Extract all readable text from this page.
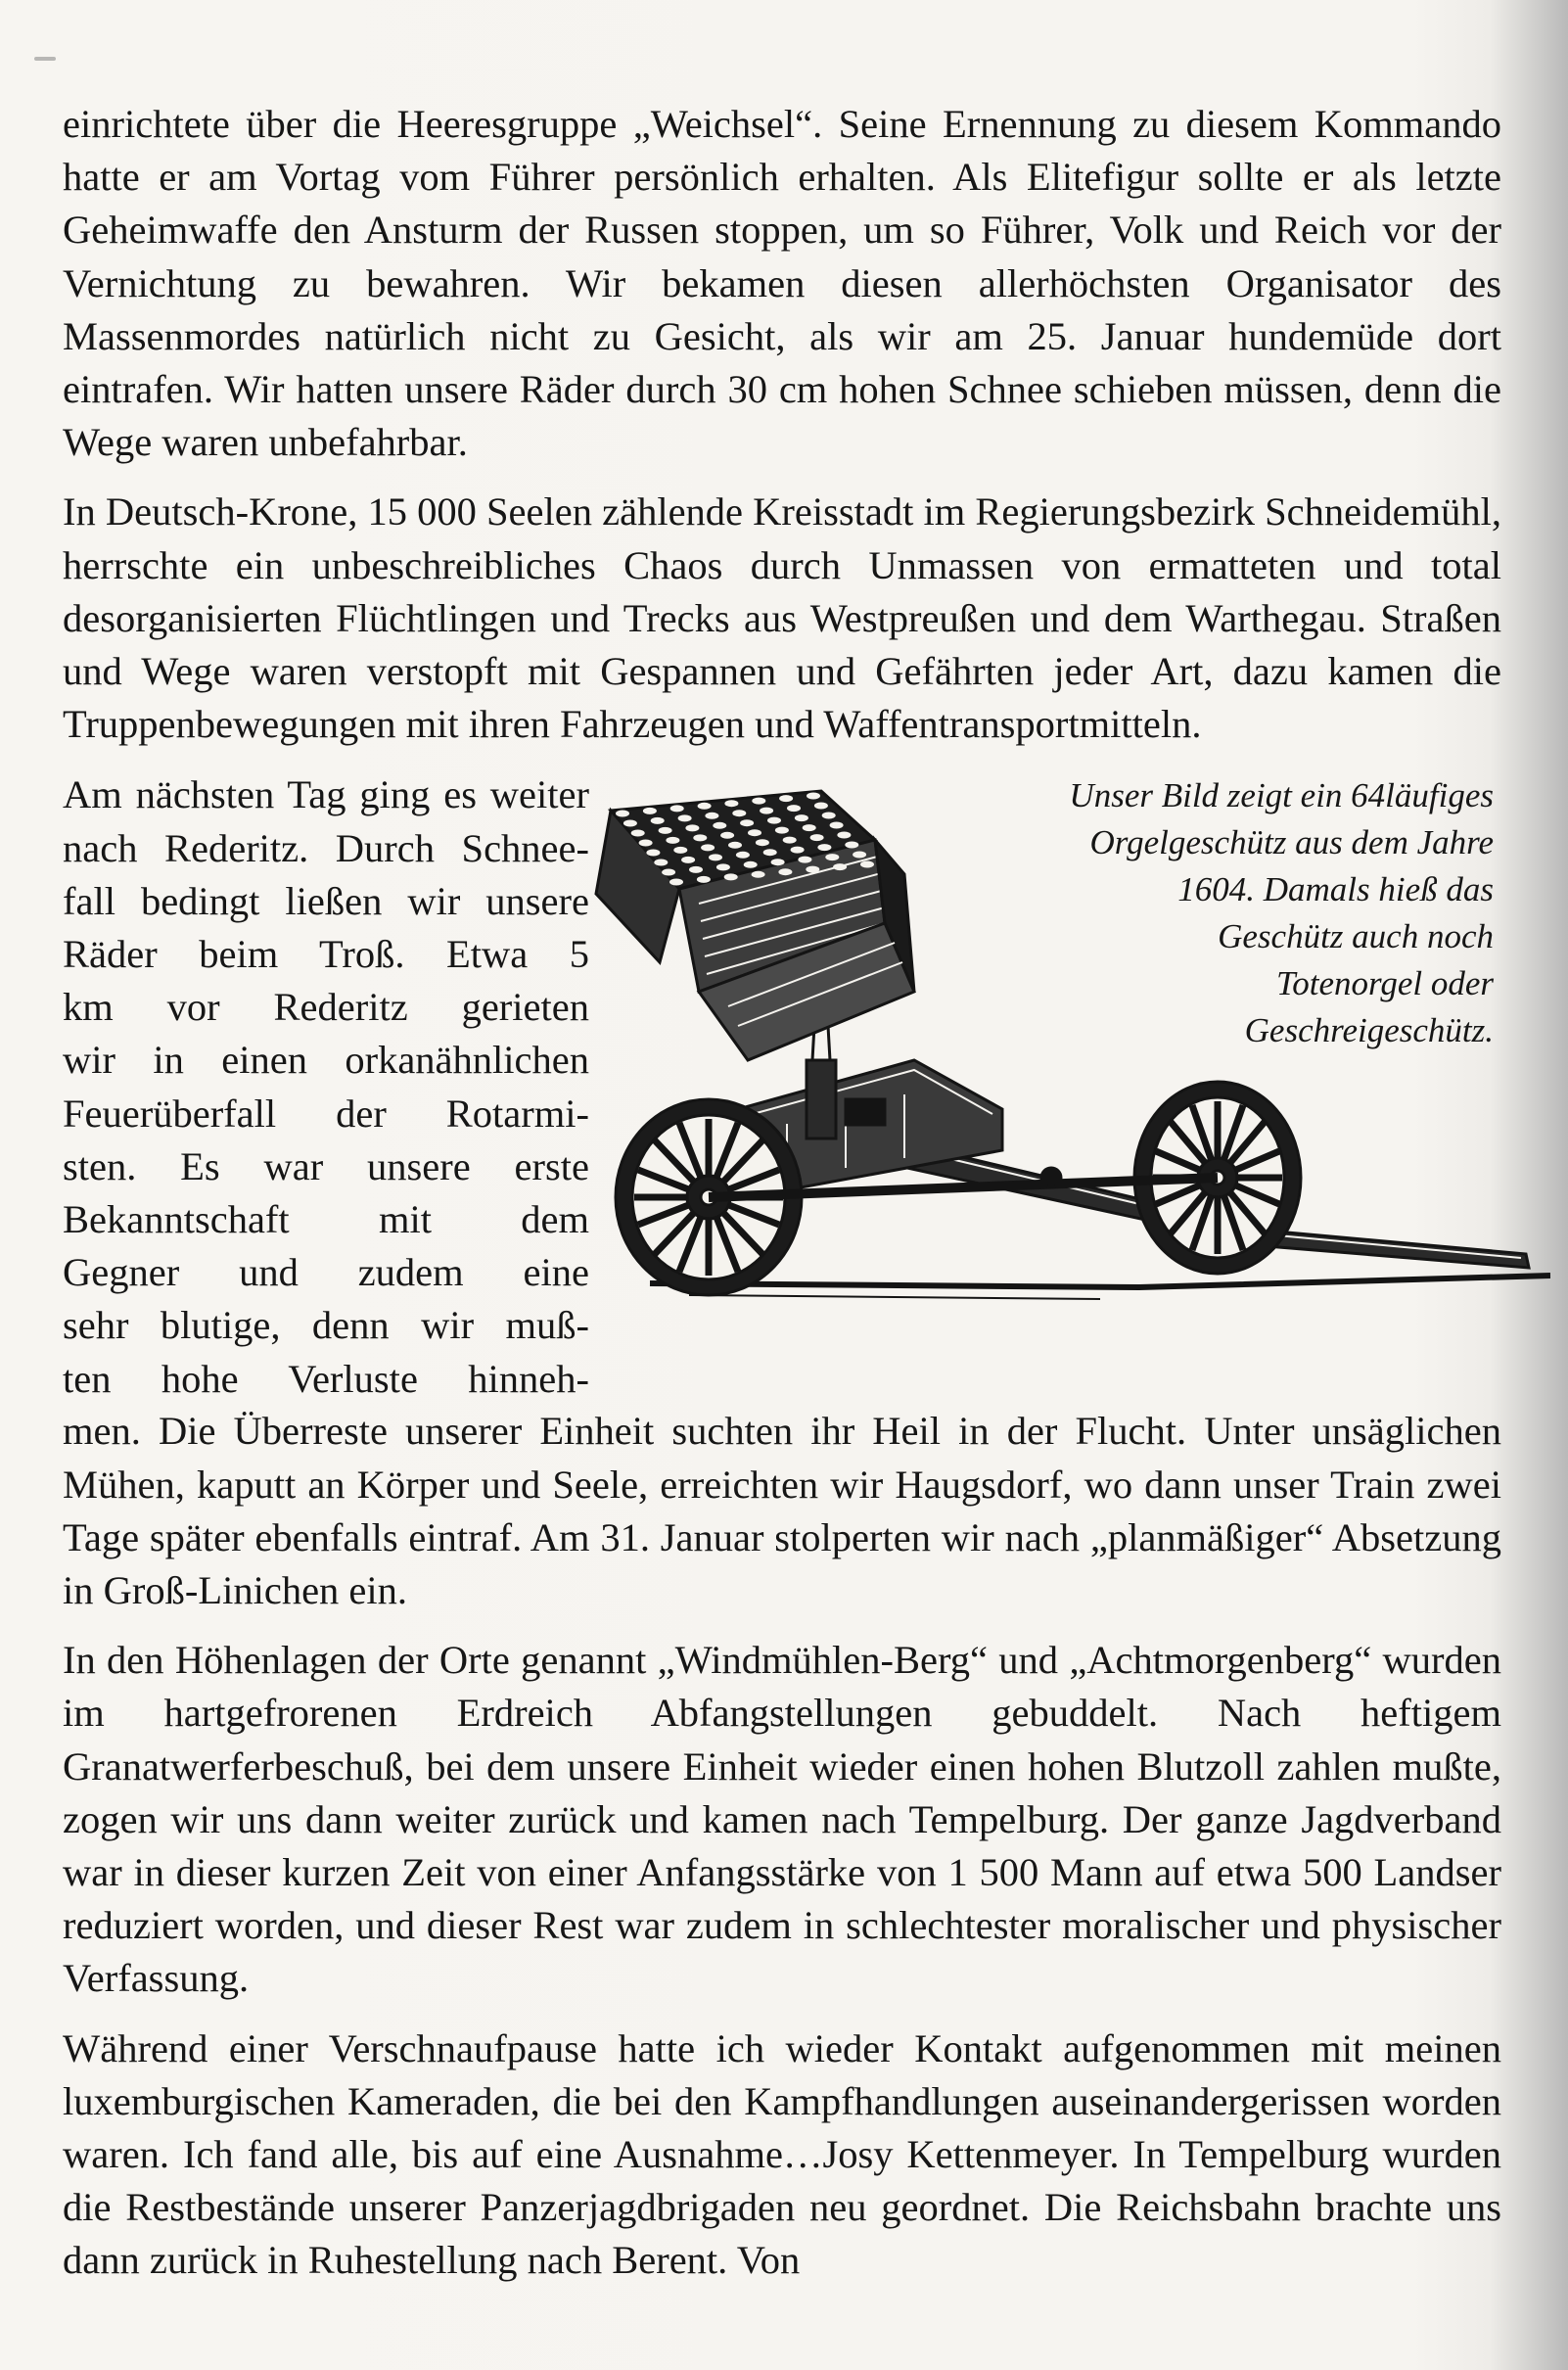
einrichtete über die Heeresgruppe „Weichsel“. Seine Ernennung zu diesem Kommando hatte er am Vortag vom Führer persönlich erhalten. Als Elitefigur sollte er als letzte Geheimwaffe den Ansturm der Russen stoppen, um so Führer, Volk und Reich vor der Vernichtung zu bewahren. Wir bekamen diesen allerhöchsten Organisator des Massenmordes natürlich nicht zu Gesicht, als wir am 25. Januar hundemüde dort eintrafen. Wir hatten unsere Räder durch 30 cm hohen Schnee schieben müssen, denn die Wege waren unbefahrbar.

In Deutsch-Krone, 15 000 Seelen zählende Kreisstadt im Regierungsbezirk Schneidemühl, herrschte ein unbeschreibliches Chaos durch Unmassen von ermatteten und total desorganisierten Flüchtlingen und Trecks aus Westpreußen und dem Warthegau. Straßen und Wege waren verstopft mit Gespannen und Gefährten jeder Art, dazu kamen die Truppenbewegungen mit ihren Fahrzeugen und Waffentransportmitteln.

Am nächsten Tag ging es weiter
nach Rederitz. Durch Schnee-
fall bedingt ließen wir unsere
Räder beim Troß. Etwa 5
km vor Rederitz gerieten
wir in einen orkanähnlichen
Feuerüberfall der Rotarmi-
sten. Es war unsere erste
Bekanntschaft mit dem
Gegner und zudem eine
sehr blutige, denn wir muß-
ten hohe Verluste hinneh-
Unser Bild zeigt ein 64läufiges
Orgelgeschütz aus dem Jahre
1604. Damals hieß das
Geschütz auch noch
Totenorgel oder
Geschreigeschütz.

men. Die Überreste unserer Einheit suchten ihr Heil in der Flucht. Unter unsäglichen Mühen, kaputt an Körper und Seele, erreichten wir Haugsdorf, wo dann unser Train zwei Tage später ebenfalls eintraf. Am 31. Januar stolperten wir nach „planmäßiger“ Absetzung in Groß-Linichen ein.

In den Höhenlagen der Orte genannt „Windmühlen-Berg“ und „Achtmorgenberg“ wurden im hartgefrorenen Erdreich Abfangstellungen gebuddelt. Nach heftigem Granatwerferbeschuß, bei dem unsere Einheit wieder einen hohen Blutzoll zahlen mußte, zogen wir uns dann weiter zurück und kamen nach Tempelburg. Der ganze Jagdverband war in dieser kurzen Zeit von einer Anfangsstärke von 1 500 Mann auf etwa 500 Landser reduziert worden, und dieser Rest war zudem in schlechtester moralischer und physischer Verfassung.

Während einer Verschnaufpause hatte ich wieder Kontakt aufgenommen mit meinen luxemburgischen Kameraden, die bei den Kampfhandlungen auseinandergerissen worden waren. Ich fand alle, bis auf eine Ausnahme…Josy Kettenmeyer. In Tempelburg wurden die Restbestände unserer Panzerjagdbrigaden neu geordnet. Die Reichsbahn brachte uns dann zurück in Ruhestellung nach Berent. Von
